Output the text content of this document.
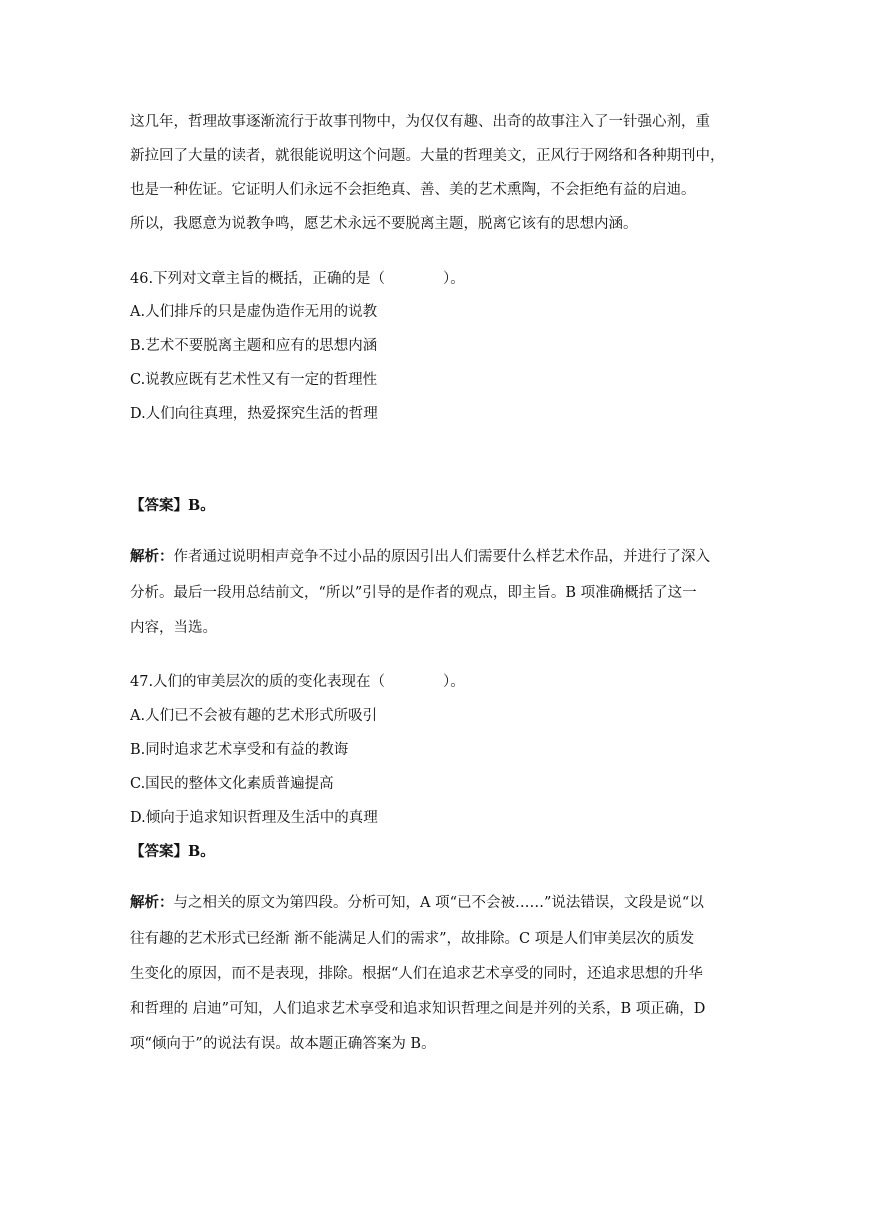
这几年，哲理故事逐渐流行于故事刊物中，为仅仅有趣、出奇的故事注入了一针强心剂，重
新拉回了大量的读者，就很能说明这个问题。大量的哲理美文，正风行于网络和各种期刊中，
也是一种佐证。它证明人们永远不会拒绝真、善、美的艺术熏陶，不会拒绝有益的启迪。
所以，我愿意为说教争鸣，愿艺术永远不要脱离主题，脱离它该有的思想内涵。
46.下列对文章主旨的概括，正确的是（　　　　）。
A.人们排斥的只是虚伪造作无用的说教
B.艺术不要脱离主题和应有的思想内涵
C.说教应既有艺术性又有一定的哲理性
D.人们向往真理，热爱探究生活的哲理
【答案】B。
解析：作者通过说明相声竞争不过小品的原因引出人们需要什么样艺术作品，并进行了深入
分析。最后一段用总结前文，“所以”引导的是作者的观点，即主旨。B 项准确概括了这一
内容，当选。
47.人们的审美层次的质的变化表现在（　　　　）。
A.人们已不会被有趣的艺术形式所吸引
B.同时追求艺术享受和有益的教诲
C.国民的整体文化素质普遍提高
D.倾向于追求知识哲理及生活中的真理
【答案】B。
解析：与之相关的原文为第四段。分析可知，A 项“已不会被……”说法错误，文段是说“以
往有趣的艺术形式已经渐 渐不能满足人们的需求”，故排除。C 项是人们审美层次的质发
生变化的原因，而不是表现，排除。根据“人们在追求艺术享受的同时，还追求思想的升华
和哲理的 启迪”可知，人们追求艺术享受和追求知识哲理之间是并列的关系，B 项正确，D
项“倾向于”的说法有误。故本题正确答案为 B。
